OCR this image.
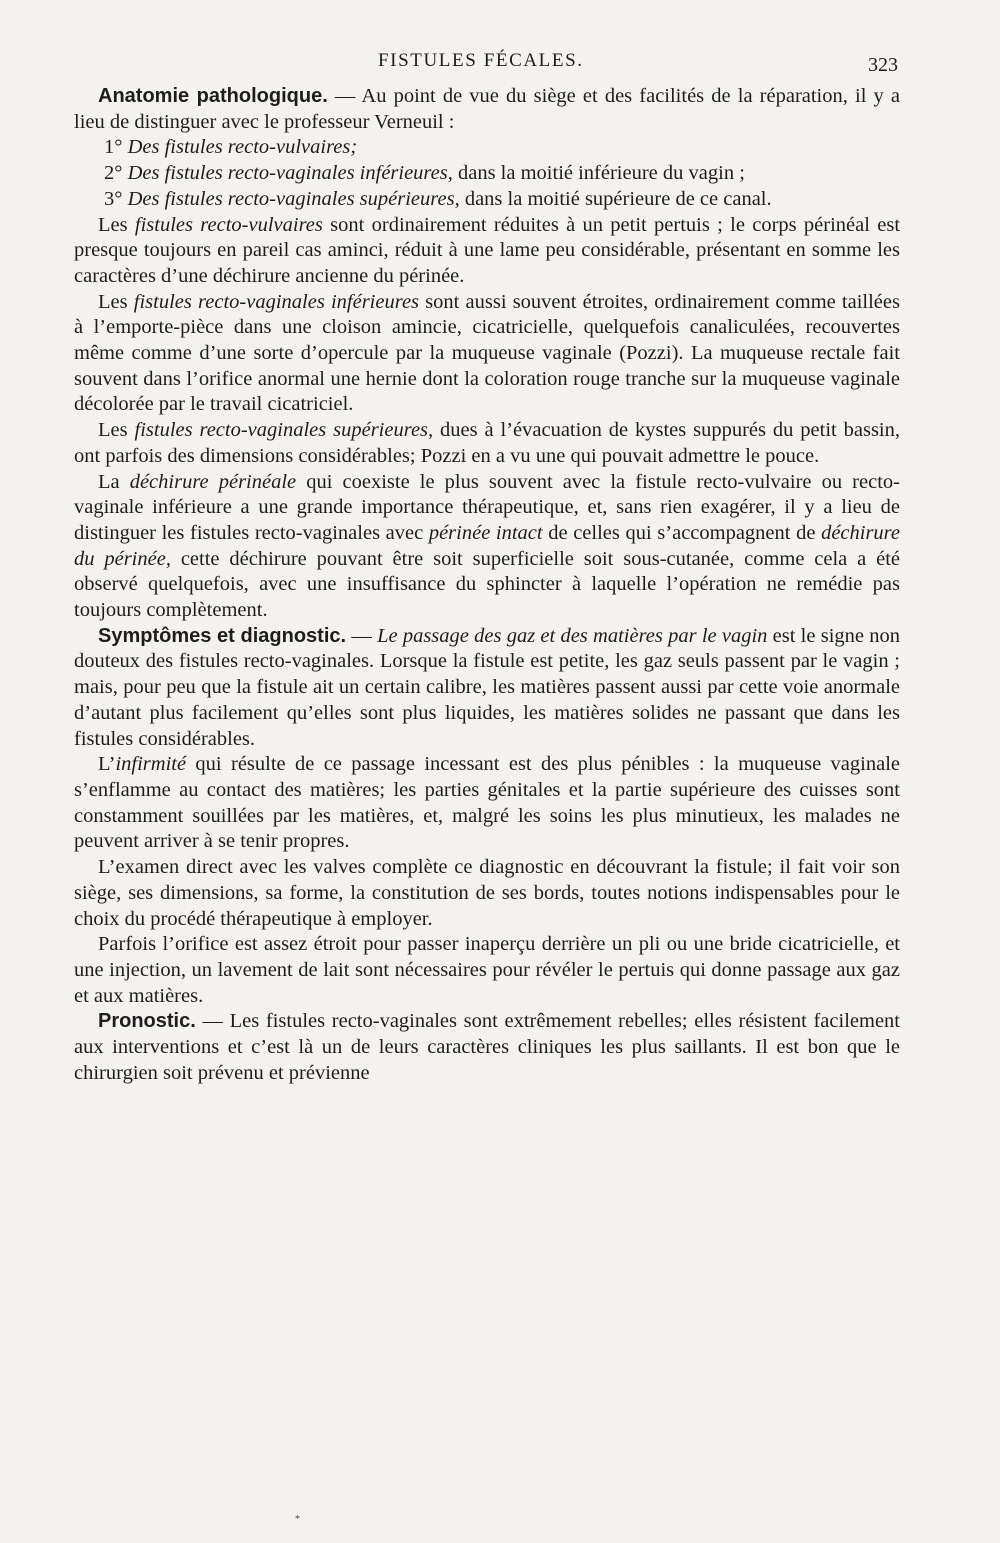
FISTULES FÉCALES.	323

Anatomie pathologique. — Au point de vue du siège et des facilités de la réparation, il y a lieu de distinguer avec le professeur Verneuil :

1° Des fistules recto-vulvaires;

2° Des fistules recto-vaginales inférieures, dans la moitié inférieure du vagin ;

3° Des fistules recto-vaginales supérieures, dans la moitié supérieure de ce canal.

Les fistules recto-vulvaires sont ordinairement réduites à un petit pertuis ; le corps périnéal est presque toujours en pareil cas aminci, réduit à une lame peu considérable, présentant en somme les caractères d’une déchirure ancienne du périnée.

Les fistules recto-vaginales inférieures sont aussi souvent étroites, ordinairement comme taillées à l’emporte-pièce dans une cloison amincie, cicatricielle, quelquefois canaliculées, recouvertes même comme d’une sorte d’opercule par la muqueuse vaginale (Pozzi). La muqueuse rectale fait souvent dans l’orifice anormal une hernie dont la coloration rouge tranche sur la muqueuse vaginale décolorée par le travail cicatriciel.

Les fistules recto-vaginales supérieures, dues à l’évacuation de kystes suppurés du petit bassin, ont parfois des dimensions considérables; Pozzi en a vu une qui pouvait admettre le pouce.

La déchirure périnéale qui coexiste le plus souvent avec la fistule recto-vulvaire ou recto-vaginale inférieure a une grande importance thérapeutique, et, sans rien exagérer, il y a lieu de distinguer les fistules recto-vaginales avec périnée intact de celles qui s’accompagnent de déchirure du périnée, cette déchirure pouvant être soit superficielle soit sous-cutanée, comme cela a été observé quelquefois, avec une insuffisance du sphincter à laquelle l’opération ne remédie pas toujours complètement.

Symptômes et diagnostic. — Le passage des gaz et des matières par le vagin est le signe non douteux des fistules recto-vaginales. Lorsque la fistule est petite, les gaz seuls passent par le vagin ; mais, pour peu que la fistule ait un certain calibre, les matières passent aussi par cette voie anormale d’autant plus facilement qu’elles sont plus liquides, les matières solides ne passant que dans les fistules considérables.

L’infirmité qui résulte de ce passage incessant est des plus pénibles : la muqueuse vaginale s’enflamme au contact des matières; les parties génitales et la partie supérieure des cuisses sont constamment souillées par les matières, et, malgré les soins les plus minutieux, les malades ne peuvent arriver à se tenir propres.

L’examen direct avec les valves complète ce diagnostic en découvrant la fistule; il fait voir son siège, ses dimensions, sa forme, la constitution de ses bords, toutes notions indispensables pour le choix du procédé thérapeutique à employer.

Parfois l’orifice est assez étroit pour passer inaperçu derrière un pli ou une bride cicatricielle, et une injection, un lavement de lait sont nécessaires pour révéler le pertuis qui donne passage aux gaz et aux matières.

Pronostic. — Les fistules recto-vaginales sont extrêmement rebelles; elles résistent facilement aux interventions et c’est là un de leurs caractères cliniques les plus saillants. Il est bon que le chirurgien soit prévenu et prévienne

*
